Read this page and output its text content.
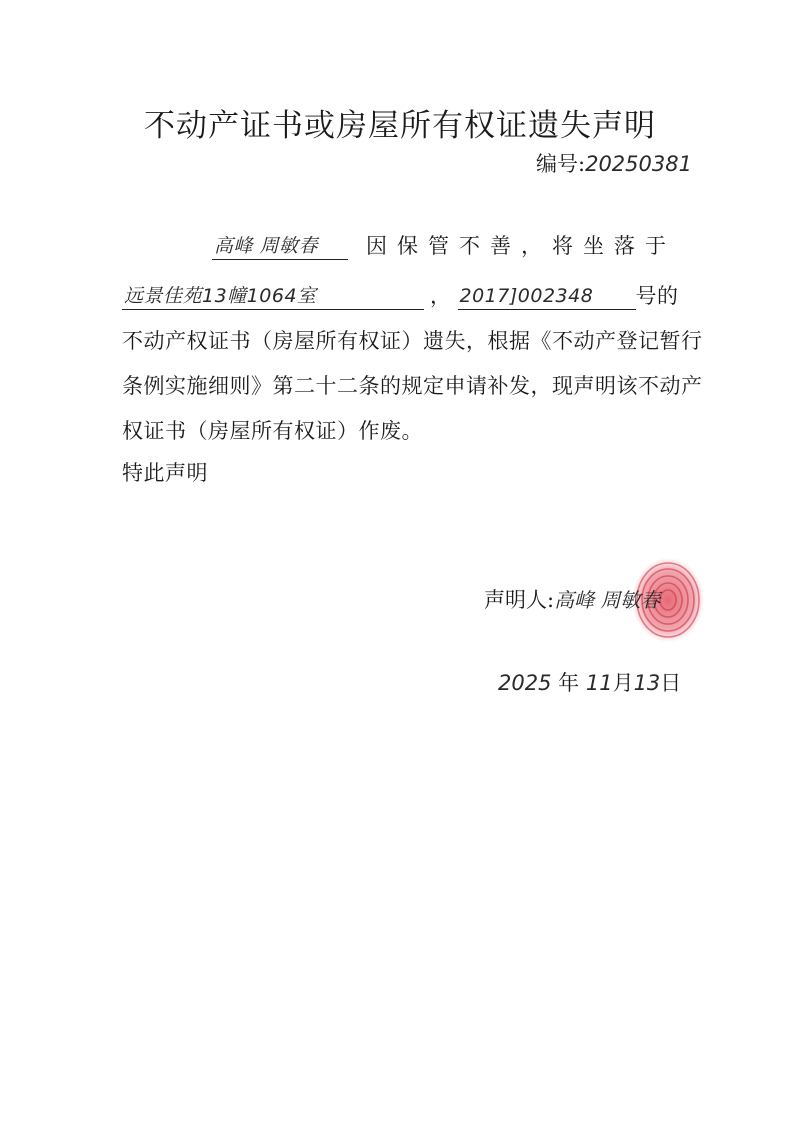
不动产证书或房屋所有权证遗失声明
编号:20250381
高峰 周敏春 因保管不善，将坐落于
远景佳苑13幢1064室	， 2017]002348 号的
不动产权证书（房屋所有权证）遗失，根据《不动产登记暂行
条例实施细则》第二十二条的规定申请补发，现声明该不动产
权证书（房屋所有权证）作废。
特此声明
声明人:高峰 周敏春
2025 年 11月13日
